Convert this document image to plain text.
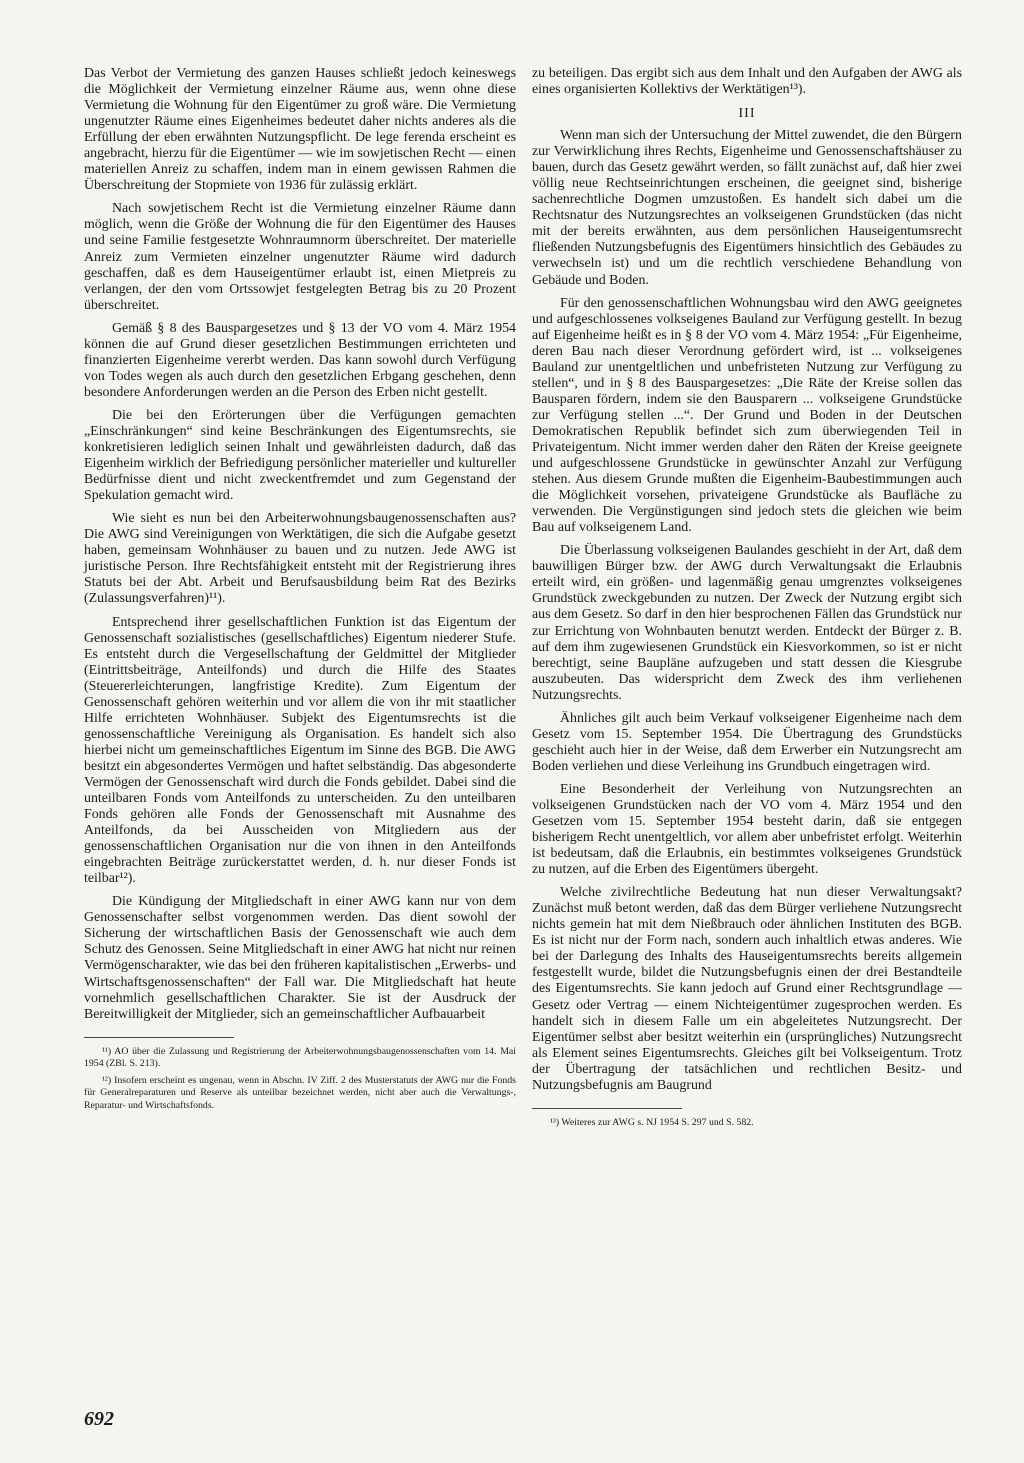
Das Verbot der Vermietung des ganzen Hauses schließt jedoch keineswegs die Möglichkeit der Vermietung einzelner Räume aus, wenn ohne diese Vermietung die Wohnung für den Eigentümer zu groß wäre. Die Vermietung ungenutzter Räume eines Eigenheimes bedeutet daher nichts anderes als die Erfüllung der eben erwähnten Nutzungspflicht. De lege ferenda erscheint es angebracht, hierzu für die Eigentümer — wie im sowjetischen Recht — einen materiellen Anreiz zu schaffen, indem man in einem gewissen Rahmen die Überschreitung der Stopmiete von 1936 für zulässig erklärt.

Nach sowjetischem Recht ist die Vermietung einzelner Räume dann möglich, wenn die Größe der Wohnung die für den Eigentümer des Hauses und seine Familie festgesetzte Wohnraumnorm überschreitet. Der materielle Anreiz zum Vermieten einzelner ungenutzter Räume wird dadurch geschaffen, daß es dem Hauseigentümer erlaubt ist, einen Mietpreis zu verlangen, der den vom Ortssowjet festgelegten Betrag bis zu 20 Prozent überschreitet.

Gemäß § 8 des Bauspargesetzes und § 13 der VO vom 4. März 1954 können die auf Grund dieser gesetzlichen Bestimmungen errichteten und finanzierten Eigenheime vererbt werden. Das kann sowohl durch Verfügung von Todes wegen als auch durch den gesetzlichen Erbgang geschehen, denn besondere Anforderungen werden an die Person des Erben nicht gestellt.

Die bei den Erörterungen über die Verfügungen gemachten „Einschränkungen“ sind keine Beschränkungen des Eigentumsrechts, sie konkretisieren lediglich seinen Inhalt und gewährleisten dadurch, daß das Eigenheim wirklich der Befriedigung persönlicher materieller und kultureller Bedürfnisse dient und nicht zweckentfremdet und zum Gegenstand der Spekulation gemacht wird.

Wie sieht es nun bei den Arbeiterwohnungsbaugenossenschaften aus? Die AWG sind Vereinigungen von Werktätigen, die sich die Aufgabe gesetzt haben, gemeinsam Wohnhäuser zu bauen und zu nutzen. Jede AWG ist juristische Person. Ihre Rechtsfähigkeit entsteht mit der Registrierung ihres Statuts bei der Abt. Arbeit und Berufsausbildung beim Rat des Bezirks (Zulassungsverfahren)¹¹).

Entsprechend ihrer gesellschaftlichen Funktion ist das Eigentum der Genossenschaft sozialistisches (gesellschaftliches) Eigentum niederer Stufe. Es entsteht durch die Vergesellschaftung der Geldmittel der Mitglieder (Eintrittsbeiträge, Anteilfonds) und durch die Hilfe des Staates (Steuererleichterungen, langfristige Kredite). Zum Eigentum der Genossenschaft gehören weiterhin und vor allem die von ihr mit staatlicher Hilfe errichteten Wohnhäuser. Subjekt des Eigentumsrechts ist die genossenschaftliche Vereinigung als Organisation. Es handelt sich also hierbei nicht um gemeinschaftliches Eigentum im Sinne des BGB. Die AWG besitzt ein abgesondertes Vermögen und haftet selbständig. Das abgesonderte Vermögen der Genossenschaft wird durch die Fonds gebildet. Dabei sind die unteilbaren Fonds vom Anteilfonds zu unterscheiden. Zu den unteilbaren Fonds gehören alle Fonds der Genossenschaft mit Ausnahme des Anteilfonds, da bei Ausscheiden von Mitgliedern aus der genossenschaftlichen Organisation nur die von ihnen in den Anteilfonds eingebrachten Beiträge zurückerstattet werden, d. h. nur dieser Fonds ist teilbar¹²).

Die Kündigung der Mitgliedschaft in einer AWG kann nur von dem Genossenschafter selbst vorgenommen werden. Das dient sowohl der Sicherung der wirtschaftlichen Basis der Genossenschaft wie auch dem Schutz des Genossen. Seine Mitgliedschaft in einer AWG hat nicht nur reinen Vermögenscharakter, wie das bei den früheren kapitalistischen „Erwerbs- und Wirtschaftsgenossenschaften“ der Fall war. Die Mitgliedschaft hat heute vornehmlich gesellschaftlichen Charakter. Sie ist der Ausdruck der Bereitwilligkeit der Mitglieder, sich an gemeinschaftlicher Aufbauarbeit

¹¹) AO über die Zulassung und Registrierung der Arbeiterwohnungsbaugenossenschaften vom 14. Mai 1954 (ZBl. S. 213).

¹²) Insofern erscheint es ungenau, wenn in Abschn. IV Ziff. 2 des Musterstatuts der AWG nur die Fonds für Generalreparaturen und Reserve als unteilbar bezeichnet werden, nicht aber auch die Verwaltungs-, Reparatur- und Wirtschaftsfonds.

zu beteiligen. Das ergibt sich aus dem Inhalt und den Aufgaben der AWG als eines organisierten Kollektivs der Werktätigen¹³).

III

Wenn man sich der Untersuchung der Mittel zuwendet, die den Bürgern zur Verwirklichung ihres Rechts, Eigenheime und Genossenschaftshäuser zu bauen, durch das Gesetz gewährt werden, so fällt zunächst auf, daß hier zwei völlig neue Rechtseinrichtungen erscheinen, die geeignet sind, bisherige sachenrechtliche Dogmen umzustoßen. Es handelt sich dabei um die Rechtsnatur des Nutzungsrechtes an volkseigenen Grundstücken (das nicht mit der bereits erwähnten, aus dem persönlichen Hauseigentumsrecht fließenden Nutzungsbefugnis des Eigentümers hinsichtlich des Gebäudes zu verwechseln ist) und um die rechtlich verschiedene Behandlung von Gebäude und Boden.

Für den genossenschaftlichen Wohnungsbau wird den AWG geeignetes und aufgeschlossenes volkseigenes Bauland zur Verfügung gestellt. In bezug auf Eigenheime heißt es in § 8 der VO vom 4. März 1954: „Für Eigenheime, deren Bau nach dieser Verordnung gefördert wird, ist ... volkseigenes Bauland zur unentgeltlichen und unbefristeten Nutzung zur Verfügung zu stellen“, und in § 8 des Bauspargesetzes: „Die Räte der Kreise sollen das Bausparen fördern, indem sie den Bausparern ... volkseigene Grundstücke zur Verfügung stellen ...“. Der Grund und Boden in der Deutschen Demokratischen Republik befindet sich zum überwiegenden Teil in Privateigentum. Nicht immer werden daher den Räten der Kreise geeignete und aufgeschlossene Grundstücke in gewünschter Anzahl zur Verfügung stehen. Aus diesem Grunde mußten die Eigenheim-Baubestimmungen auch die Möglichkeit vorsehen, privateigene Grundstücke als Baufläche zu verwenden. Die Vergünstigungen sind jedoch stets die gleichen wie beim Bau auf volkseigenem Land.

Die Überlassung volkseigenen Baulandes geschieht in der Art, daß dem bauwilligen Bürger bzw. der AWG durch Verwaltungsakt die Erlaubnis erteilt wird, ein größen- und lagenmäßig genau umgrenztes volkseigenes Grundstück zweckgebunden zu nutzen. Der Zweck der Nutzung ergibt sich aus dem Gesetz. So darf in den hier besprochenen Fällen das Grundstück nur zur Errichtung von Wohnbauten benutzt werden. Entdeckt der Bürger z. B. auf dem ihm zugewiesenen Grundstück ein Kiesvorkommen, so ist er nicht berechtigt, seine Baupläne aufzugeben und statt dessen die Kiesgrube auszubeuten. Das widerspricht dem Zweck des ihm verliehenen Nutzungsrechts.

Ähnliches gilt auch beim Verkauf volkseigener Eigenheime nach dem Gesetz vom 15. September 1954. Die Übertragung des Grundstücks geschieht auch hier in der Weise, daß dem Erwerber ein Nutzungsrecht am Boden verliehen und diese Verleihung ins Grundbuch eingetragen wird.

Eine Besonderheit der Verleihung von Nutzungsrechten an volkseigenen Grundstücken nach der VO vom 4. März 1954 und den Gesetzen vom 15. September 1954 besteht darin, daß sie entgegen bisherigem Recht unentgeltlich, vor allem aber unbefristet erfolgt. Weiterhin ist bedeutsam, daß die Erlaubnis, ein bestimmtes volkseigenes Grundstück zu nutzen, auf die Erben des Eigentümers übergeht.

Welche zivilrechtliche Bedeutung hat nun dieser Verwaltungsakt? Zunächst muß betont werden, daß das dem Bürger verliehene Nutzungsrecht nichts gemein hat mit dem Nießbrauch oder ähnlichen Instituten des BGB. Es ist nicht nur der Form nach, sondern auch inhaltlich etwas anderes. Wie bei der Darlegung des Inhalts des Hauseigentumsrechts bereits allgemein festgestellt wurde, bildet die Nutzungsbefugnis einen der drei Bestandteile des Eigentumsrechts. Sie kann jedoch auf Grund einer Rechtsgrundlage — Gesetz oder Vertrag — einem Nichteigentümer zugesprochen werden. Es handelt sich in diesem Falle um ein abgeleitetes Nutzungsrecht. Der Eigentümer selbst aber besitzt weiterhin ein (ursprüngliches) Nutzungsrecht als Element seines Eigentumsrechts. Gleiches gilt bei Volkseigentum. Trotz der Übertragung der tatsächlichen und rechtlichen Besitz- und Nutzungsbefugnis am Baugrund

¹³) Weiteres zur AWG s. NJ 1954 S. 297 und S. 582.

692
